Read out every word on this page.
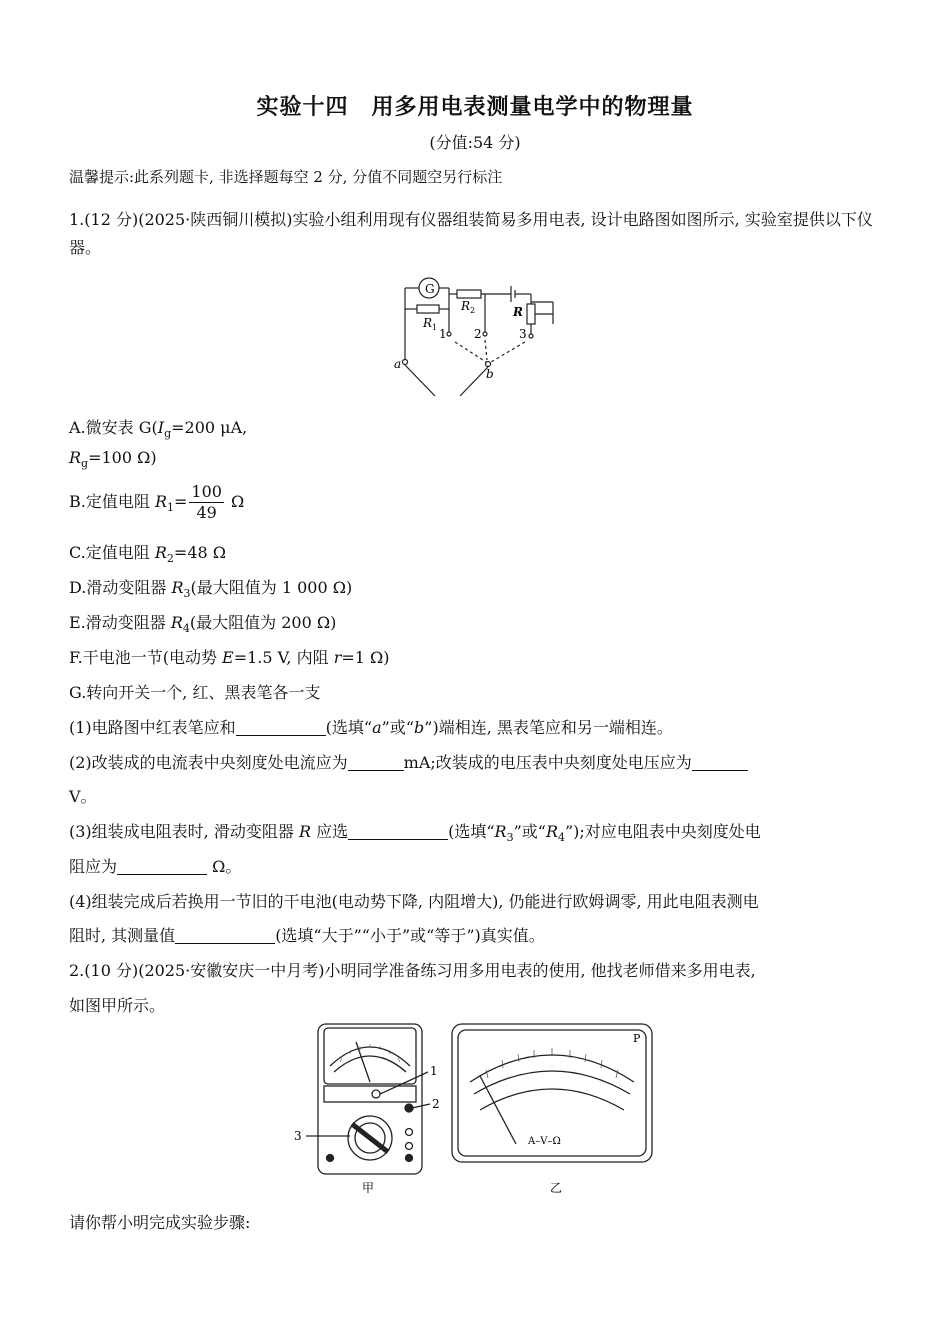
实验十四　用多用电表测量电学中的物理量
(分值:54 分)
温馨提示:此系列题卡, 非选择题每空 2 分, 分值不同题空另行标注
1.(12 分)(2025·陕西铜川模拟)实验小组利用现有仪器组装简易多用电表, 设计电路图如图所示, 实验室提供以下仪器。
G
R 1
R 2	R
1 2	3
a
b
A.微安表 $G(I_g=200$ μA,
$R_g=100$ Ω)
B.定值电阻 $R_1= \frac{100}{49}$ Ω
C.定值电阻 $R_2=48$ Ω
D.滑动变阻器 $R_3$(最大阻值为 1 000 Ω)
E.滑动变阻器 $R_4$(最大阻值为 200 Ω)
F.干电池一节(电动势 E=1.5 V, 内阻 r=1 Ω)
G.转向开关一个, 红、黑表笔各一支
(1)电路图中红表笔应和	(选填“a”或“b”)端相连, 黑表笔应和另一端相连。
(2)改装成的电流表中央刻度处电流应为	mA;改装成的电压表中央刻度处电压应为
V。
(3)组装成电阻表时, 滑动变阻器 R 应选	(选填“$R_3$”或“$R_4$”);对应电阻表中央刻度处电
阻应为	Ω。
(4)组装完成后若换用一节旧的干电池(电动势下降, 内阻增大), 仍能进行欧姆调零, 用此电阻表测电
阻时, 其测量值	(选填“大于”“小于”或“等于”)真实值。
2.(10 分)(2025·安徽安庆一中月考)小明同学准备练习用多用电表的使用, 他找老师借来多用电表,
如图甲所示。
1
2
3
甲
A–V–Ω
P
乙
请你帮小明完成实验步骤:
